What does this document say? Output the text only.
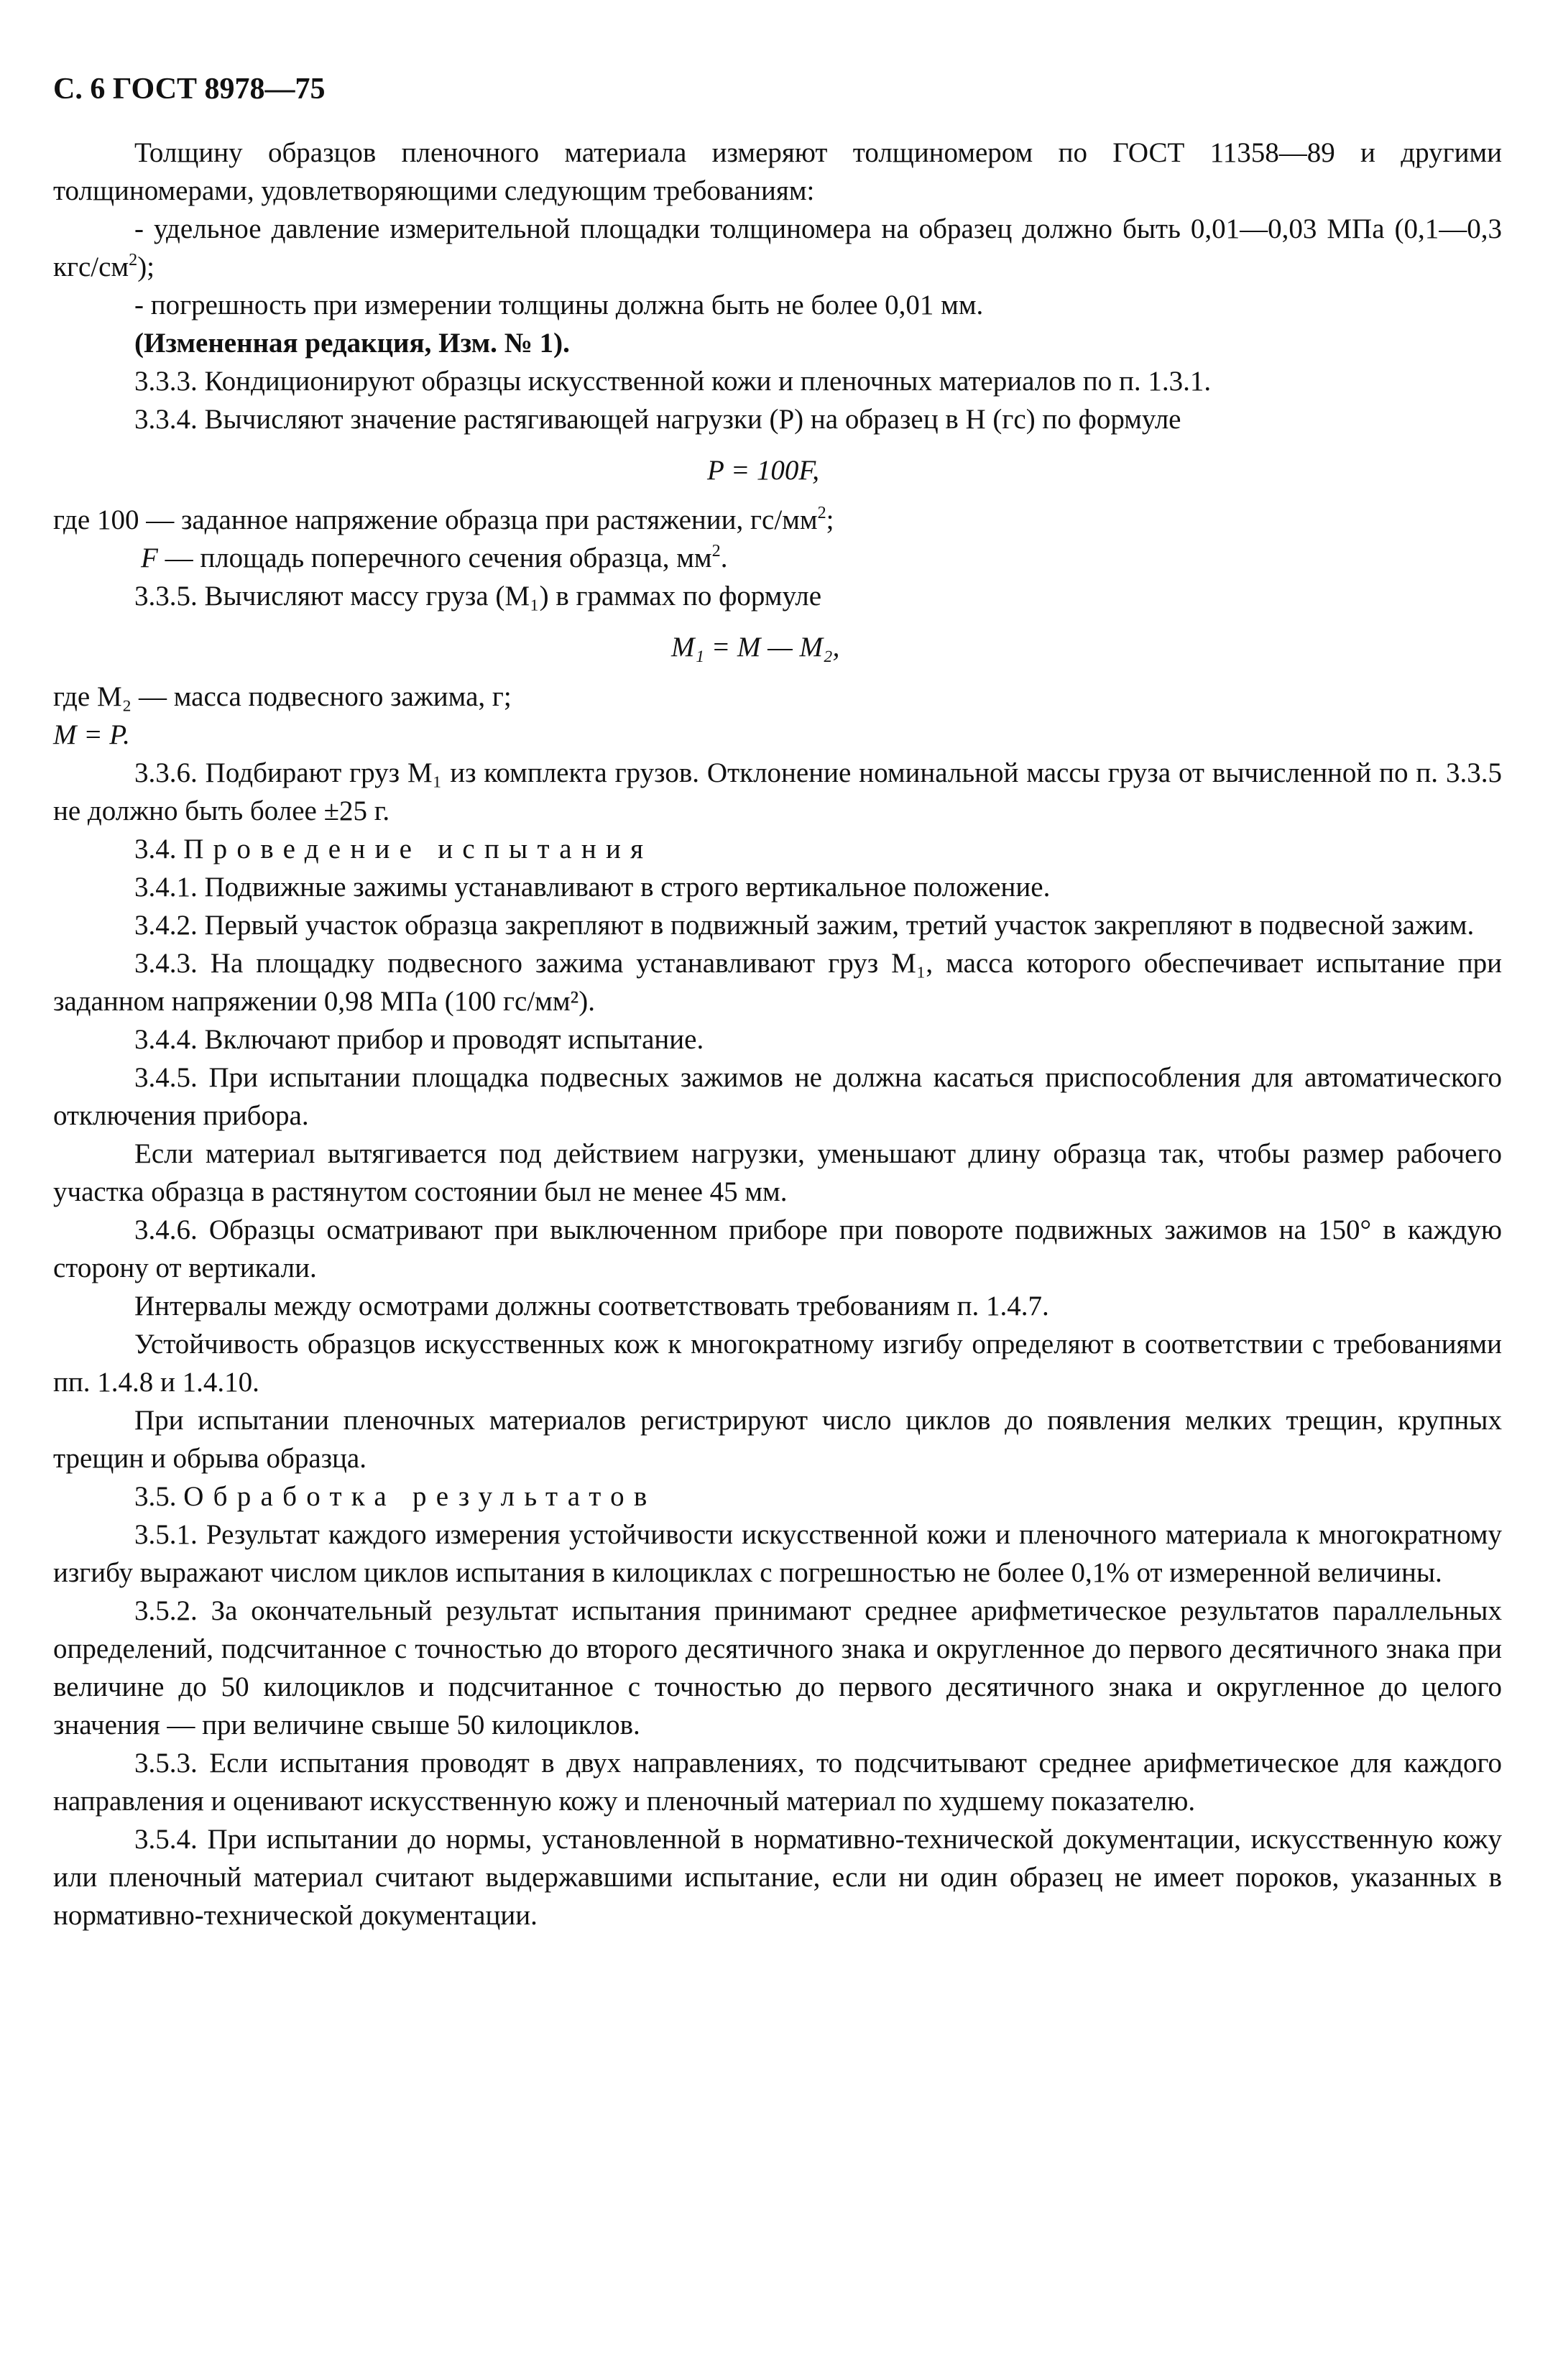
С. 6 ГОСТ 8978—75

Толщину образцов пленочного материала измеряют толщиномером по ГОСТ 11358—89 и другими толщиномерами, удовлетворяющими следующим требованиям:

- удельное давление измерительной площадки толщиномера на образец должно быть 0,01—0,03 МПа (0,1—0,3 кгс/$см^2$);

- погрешность при измерении толщины должна быть не более 0,01 мм.

(Измененная редакция, Изм. № 1).

3.3.3. Кондиционируют образцы искусственной кожи и пленочных материалов по п. 1.3.1.

3.3.4. Вычисляют значение растягивающей нагрузки (P) на образец в Н (гс) по формуле

P = 100F,

где 100 — заданное напряжение образца при растяжении, $гс/мм^2$;

F — площадь поперечного сечения образца, $мм^2$.

3.3.5. Вычисляют массу груза (M₁) в граммах по формуле

M₁ = M — M₂,

где M₂ — масса подвесного зажима, г;

M = P.

3.3.6. Подбирают груз M₁ из комплекта грузов. Отклонение номинальной массы груза от вычисленной по п. 3.3.5 не должно быть более ±25 г.

3.4. Проведение испытания

3.4.1. Подвижные зажимы устанавливают в строго вертикальное положение.

3.4.2. Первый участок образца закрепляют в подвижный зажим, третий участок закрепляют в подвесной зажим.

3.4.3. На площадку подвесного зажима устанавливают груз M₁, масса которого обеспечивает испытание при заданном напряжении 0,98 МПа (100 гс/мм²).

3.4.4. Включают прибор и проводят испытание.

3.4.5. При испытании площадка подвесных зажимов не должна касаться приспособления для автоматического отключения прибора.

Если материал вытягивается под действием нагрузки, уменьшают длину образца так, чтобы размер рабочего участка образца в растянутом состоянии был не менее 45 мм.

3.4.6. Образцы осматривают при выключенном приборе при повороте подвижных зажимов на 150° в каждую сторону от вертикали.

Интервалы между осмотрами должны соответствовать требованиям п. 1.4.7.

Устойчивость образцов искусственных кож к многократному изгибу определяют в соответствии с требованиями пп. 1.4.8 и 1.4.10.

При испытании пленочных материалов регистрируют число циклов до появления мелких трещин, крупных трещин и обрыва образца.

3.5. Обработка результатов

3.5.1. Результат каждого измерения устойчивости искусственной кожи и пленочного материала к многократному изгибу выражают числом циклов испытания в килоциклах с погрешностью не более 0,1% от измеренной величины.

3.5.2. За окончательный результат испытания принимают среднее арифметическое результатов параллельных определений, подсчитанное с точностью до второго десятичного знака и округленное до первого десятичного знака при величине до 50 килоциклов и подсчитанное с точностью до первого десятичного знака и округленное до целого значения — при величине свыше 50 килоциклов.

3.5.3. Если испытания проводят в двух направлениях, то подсчитывают среднее арифметическое для каждого направления и оценивают искусственную кожу и пленочный материал по худшему показателю.

3.5.4. При испытании до нормы, установленной в нормативно-технической документации, искусственную кожу или пленочный материал считают выдержавшими испытание, если ни один образец не имеет пороков, указанных в нормативно-технической документации.
